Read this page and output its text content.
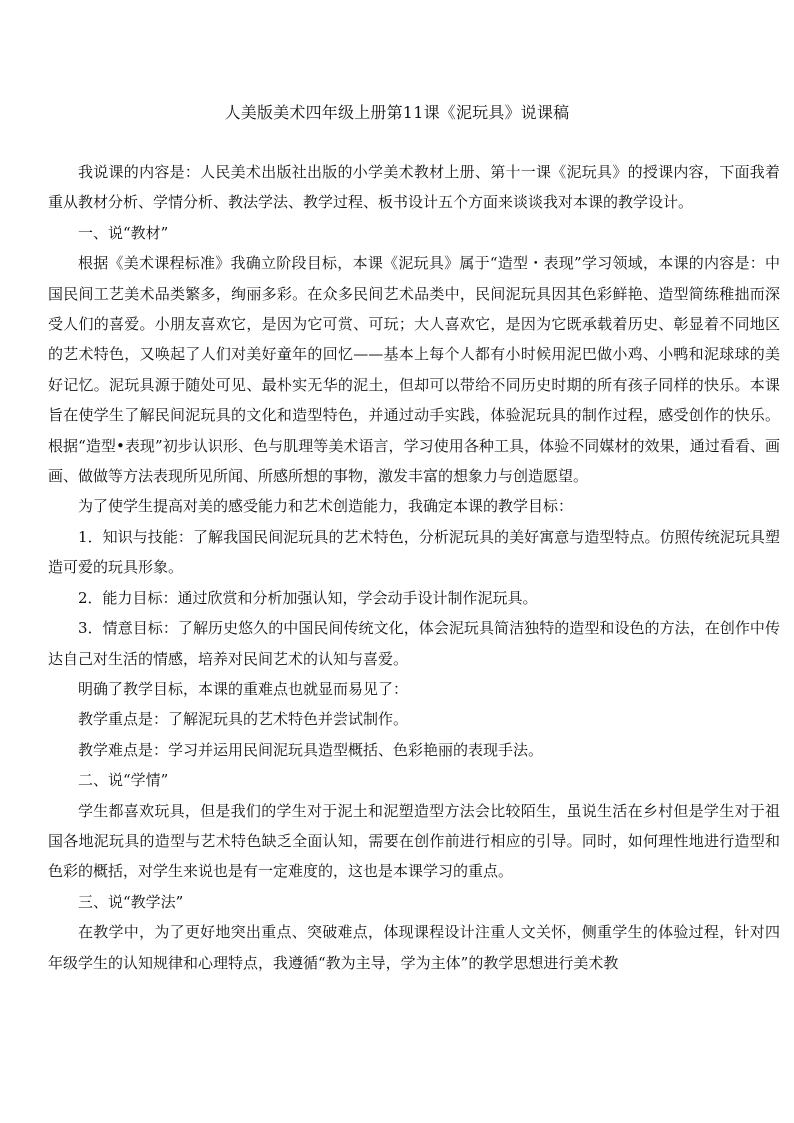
人美版美术四年级上册第11课《泥玩具》说课稿

我说课的内容是：人民美术出版社出版的小学美术教材上册、第十一课《泥玩具》的授课内容，下面我着重从教材分析、学情分析、教法学法、教学过程、板书设计五个方面来谈谈我对本课的教学设计。

一、说“教材”

根据《美术课程标准》我确立阶段目标，本课《泥玩具》属于“造型・表现”学习领域，本课的内容是：中国民间工艺美术品类繁多，绚丽多彩。在众多民间艺术品类中，民间泥玩具因其色彩鲜艳、造型简练稚拙而深受人们的喜爱。小朋友喜欢它，是因为它可赏、可玩；大人喜欢它，是因为它既承载着历史、彰显着不同地区的艺术特色，又唤起了人们对美好童年的回忆——基本上每个人都有小时候用泥巴做小鸡、小鸭和泥球球的美好记忆。泥玩具源于随处可见、最朴实无华的泥土，但却可以带给不同历史时期的所有孩子同样的快乐。本课旨在使学生了解民间泥玩具的文化和造型特色，并通过动手实践，体验泥玩具的制作过程，感受创作的快乐。根据“造型•表现”初步认识形、色与肌理等美术语言，学习使用各种工具，体验不同媒材的效果，通过看看、画画、做做等方法表现所见所闻、所感所想的事物，激发丰富的想象力与创造愿望。

为了使学生提高对美的感受能力和艺术创造能力，我确定本课的教学目标：

1．知识与技能：了解我国民间泥玩具的艺术特色，分析泥玩具的美好寓意与造型特点。仿照传统泥玩具塑造可爱的玩具形象。

2．能力目标：通过欣赏和分析加强认知，学会动手设计制作泥玩具。

3．情意目标：了解历史悠久的中国民间传统文化，体会泥玩具简洁独特的造型和设色的方法，在创作中传达自己对生活的情感，培养对民间艺术的认知与喜爱。

明确了教学目标，本课的重难点也就显而易见了：

教学重点是：了解泥玩具的艺术特色并尝试制作。

教学难点是：学习并运用民间泥玩具造型概括、色彩艳丽的表现手法。

二、说“学情”

学生都喜欢玩具，但是我们的学生对于泥土和泥塑造型方法会比较陌生，虽说生活在乡村但是学生对于祖国各地泥玩具的造型与艺术特色缺乏全面认知，需要在创作前进行相应的引导。同时，如何理性地进行造型和色彩的概括，对学生来说也是有一定难度的，这也是本课学习的重点。

三、说“教学法”

在教学中，为了更好地突出重点、突破难点，体现课程设计注重人文关怀，侧重学生的体验过程，针对四年级学生的认知规律和心理特点，我遵循“教为主导，学为主体”的教学思想进行美术教
